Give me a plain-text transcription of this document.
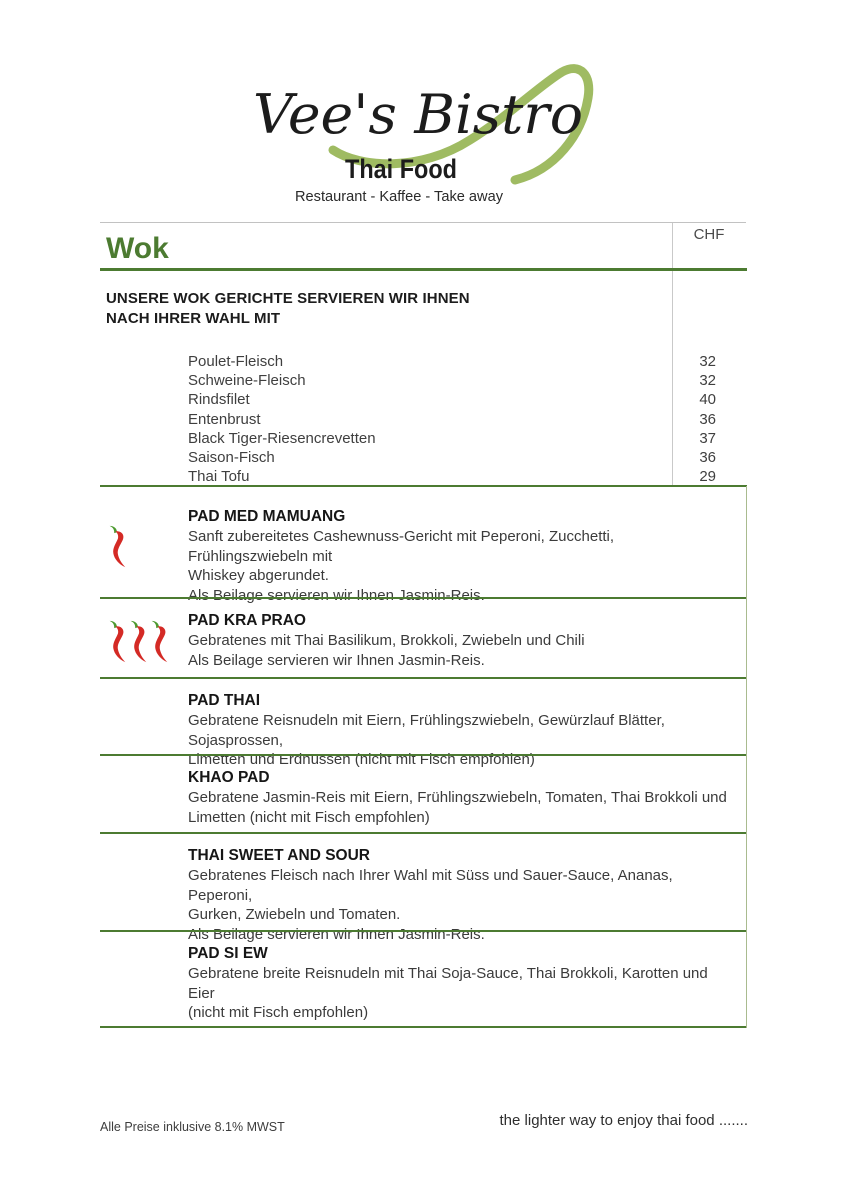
Vee's Bistro
Thai Food
Restaurant - Kaffee - Take away
Wok	CHF
UNSERE WOK GERICHTE SERVIEREN WIR IHNEN
NACH IHRER WAHL MIT
Poulet-Fleisch	32
Schweine-Fleisch	32
Rindsfilet	40
Entenbrust	36
Black Tiger-Riesencrevetten	37
Saison-Fisch	36
Thai Tofu	29
PAD MED MAMUANG
Sanft zubereitetes Cashewnuss-Gericht mit Peperoni, Zucchetti, Frühlingszwiebeln mit
Whiskey abgerundet.
Als Beilage servieren wir Ihnen Jasmin-Reis.
PAD KRA PRAO
Gebratenes mit Thai Basilikum, Brokkoli, Zwiebeln und Chili
Als Beilage servieren wir Ihnen Jasmin-Reis.
PAD THAI
Gebratene Reisnudeln mit Eiern, Frühlingszwiebeln, Gewürzlauf Blätter, Sojasprossen,
Limetten und Erdnüssen (nicht mit Fisch empfohlen)
KHAO PAD
Gebratene Jasmin-Reis mit Eiern, Frühlingszwiebeln, Tomaten, Thai Brokkoli und
Limetten (nicht mit Fisch empfohlen)
THAI SWEET AND SOUR
Gebratenes Fleisch nach Ihrer Wahl mit Süss und Sauer-Sauce, Ananas, Peperoni,
Gurken, Zwiebeln und Tomaten.
Als Beilage servieren wir Ihnen Jasmin-Reis.
PAD SI EW
Gebratene breite Reisnudeln mit Thai Soja-Sauce, Thai Brokkoli, Karotten und Eier
(nicht mit Fisch empfohlen)
Alle Preise inklusive 8.1% MWST	the lighter way to enjoy thai food .......
